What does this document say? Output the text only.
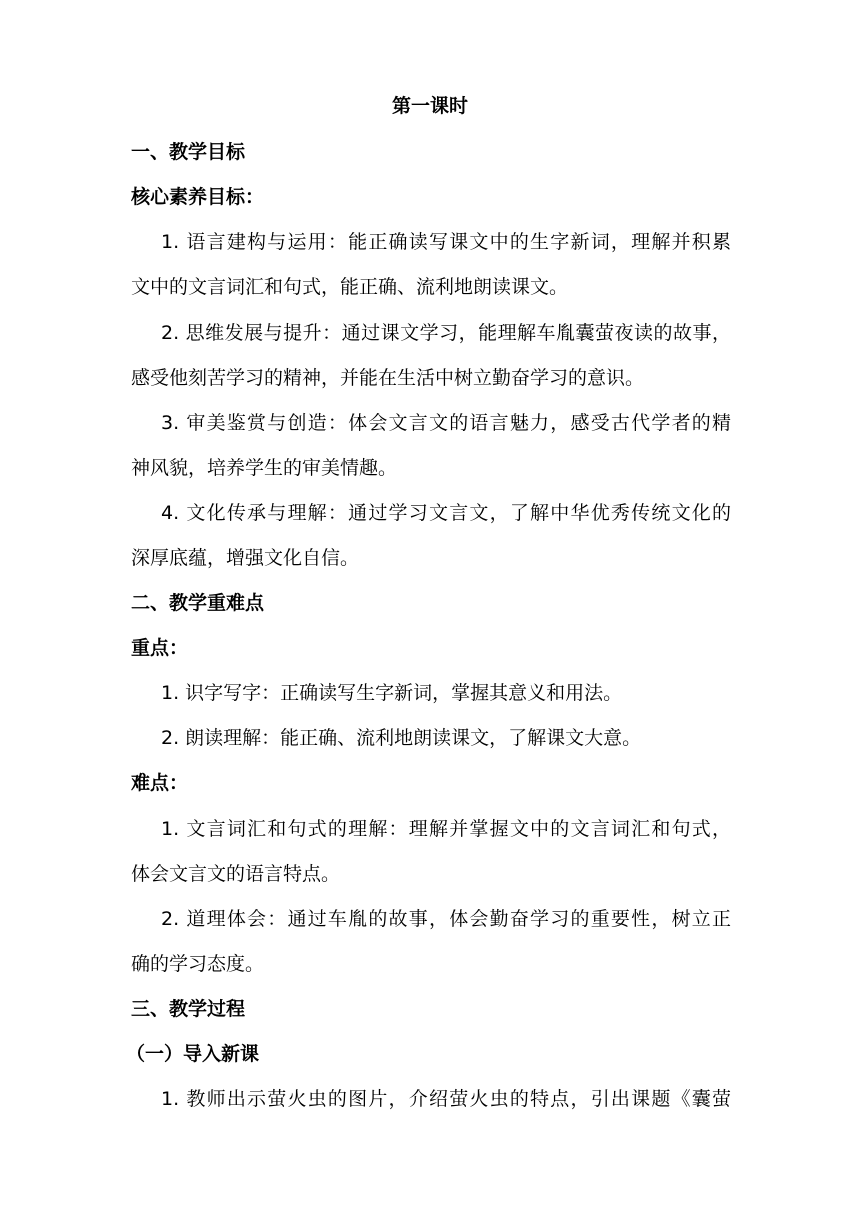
第一课时
一、教学目标
核心素养目标：
1. 语言建构与运用：能正确读写课文中的生字新词，理解并积累
文中的文言词汇和句式，能正确、流利地朗读课文。
2. 思维发展与提升：通过课文学习，能理解车胤囊萤夜读的故事，
感受他刻苦学习的精神，并能在生活中树立勤奋学习的意识。
3. 审美鉴赏与创造：体会文言文的语言魅力，感受古代学者的精
神风貌，培养学生的审美情趣。
4. 文化传承与理解：通过学习文言文，了解中华优秀传统文化的
深厚底蕴，增强文化自信。
二、教学重难点
重点：
1. 识字写字：正确读写生字新词，掌握其意义和用法。
2. 朗读理解：能正确、流利地朗读课文，了解课文大意。
难点：
1. 文言词汇和句式的理解：理解并掌握文中的文言词汇和句式，
体会文言文的语言特点。
2. 道理体会：通过车胤的故事，体会勤奋学习的重要性，树立正
确的学习态度。
三、教学过程
（一）导入新课
1. 教师出示萤火虫的图片，介绍萤火虫的特点，引出课题《囊萤
